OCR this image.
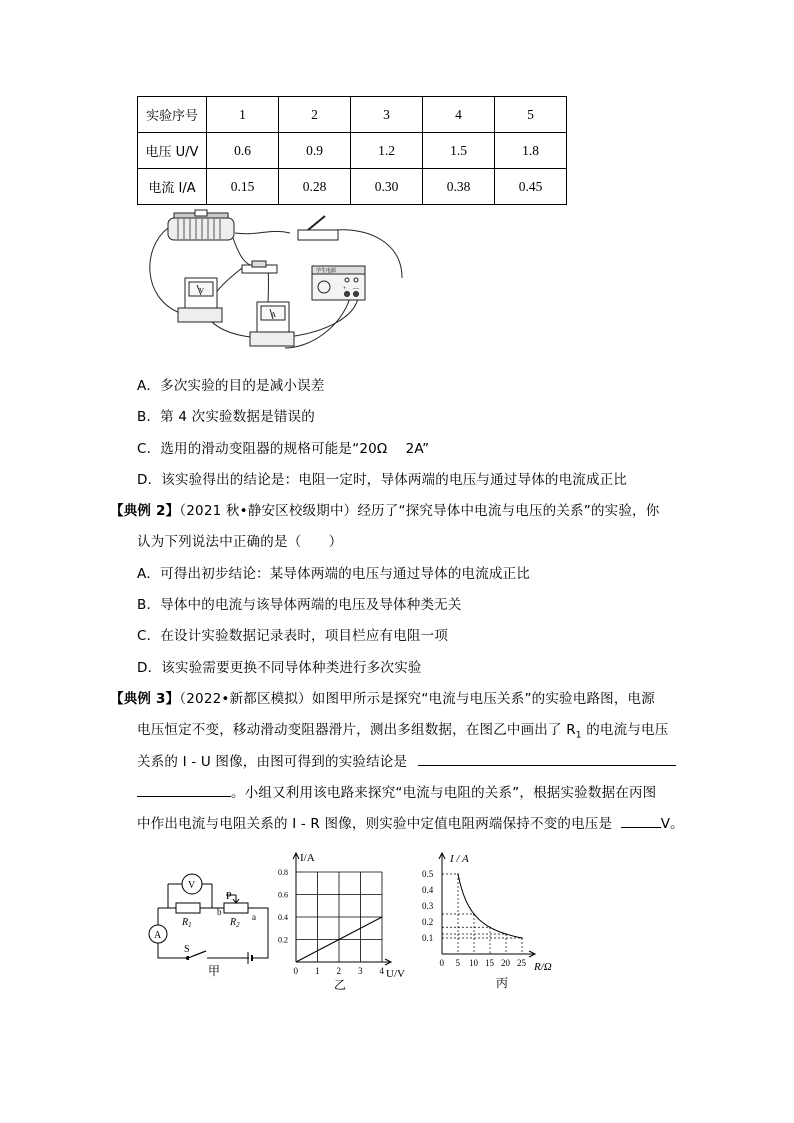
实验序号	1	2	3	4	5
电压 U/V	0.6	0.9	1.2	1.5	1.8
电流 I/A	0.15	0.28	0.30	0.38	0.45
V
A
学生电源
+ —
A．多次实验的目的是减小误差
B．第 4 次实验数据是错误的
C．选用的滑动变阻器的规格可能是“20Ω　 2A”
D．该实验得出的结论是：电阻一定时，导体两端的电压与通过导体的电流成正比
【典例 2】（2021 秋•静安区校级期中）经历了“探究导体中电流与电压的关系”的实验，你
认为下列说法中正确的是（　　）
A．可得出初步结论：某导体两端的电压与通过导体的电流成正比
B．导体中的电流与该导体两端的电压及导体种类无关
C．在设计实验数据记录表时，项目栏应有电阻一项
D．该实验需要更换不同导体种类进行多次实验
【典例 3】（2022•新都区模拟）如图甲所示是探究“电流与电压关系”的实验电路图，电源
电压恒定不变，移动滑动变阻器滑片，测出多组数据，在图乙中画出了 $R_1$ 的电流与电压
关系的 I - U 图像，由图可得到的实验结论是
。小组又利用该电路来探究“电流与电阻的关系”，根据实验数据在丙图
中作出电流与电阻关系的 I - R 图像，则实验中定值电阻两端保持不变的电压是	V。
V
A
P
$R_1$
b
$R_2$
a
S
甲
I/A
U/V
乙
0 1 2 3 4
0.8
0.6
0.4
0.2
I / A
R/Ω
丙
0 5 10 15 20 25
0.5
0.4
0.3
0.2
0.1
